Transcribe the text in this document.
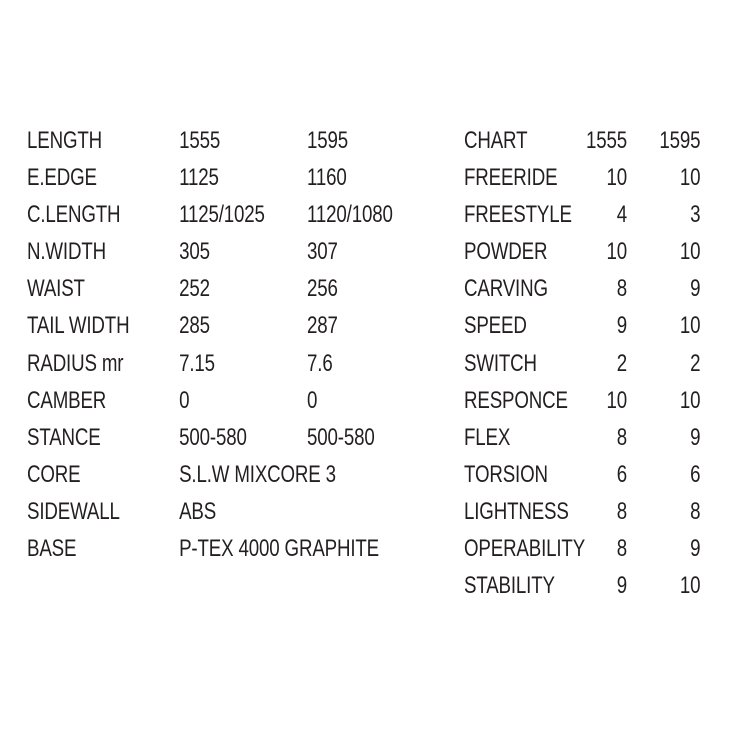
LENGTH	1555	1595
E.EDGE	1125	1160
C.LENGTH 1125/1025 1120/1080
N.WIDTH	305	307
WAIST	252	256
TAIL WIDTH 285	287
RADIUS mr 7.15	7.6
CAMBER	0	0
STANCE	500-580	500-580
CORE	S.L.W MIXCORE 3
SIDEWALL ABS
BASE	P-TEX 4000 GRAPHITE
CHART 1555 1595
FREERIDE 10 10
FREESTYLE 4	3
POWDER 10 10
CARVING	8	9
SPEED	9 10
SWITCH	2	2
RESPONCE 10 10
FLEX	8	9
TORSION	6	6
LIGHTNESS 8	8
OPERABILITY 8	9
STABILITY	9 10
